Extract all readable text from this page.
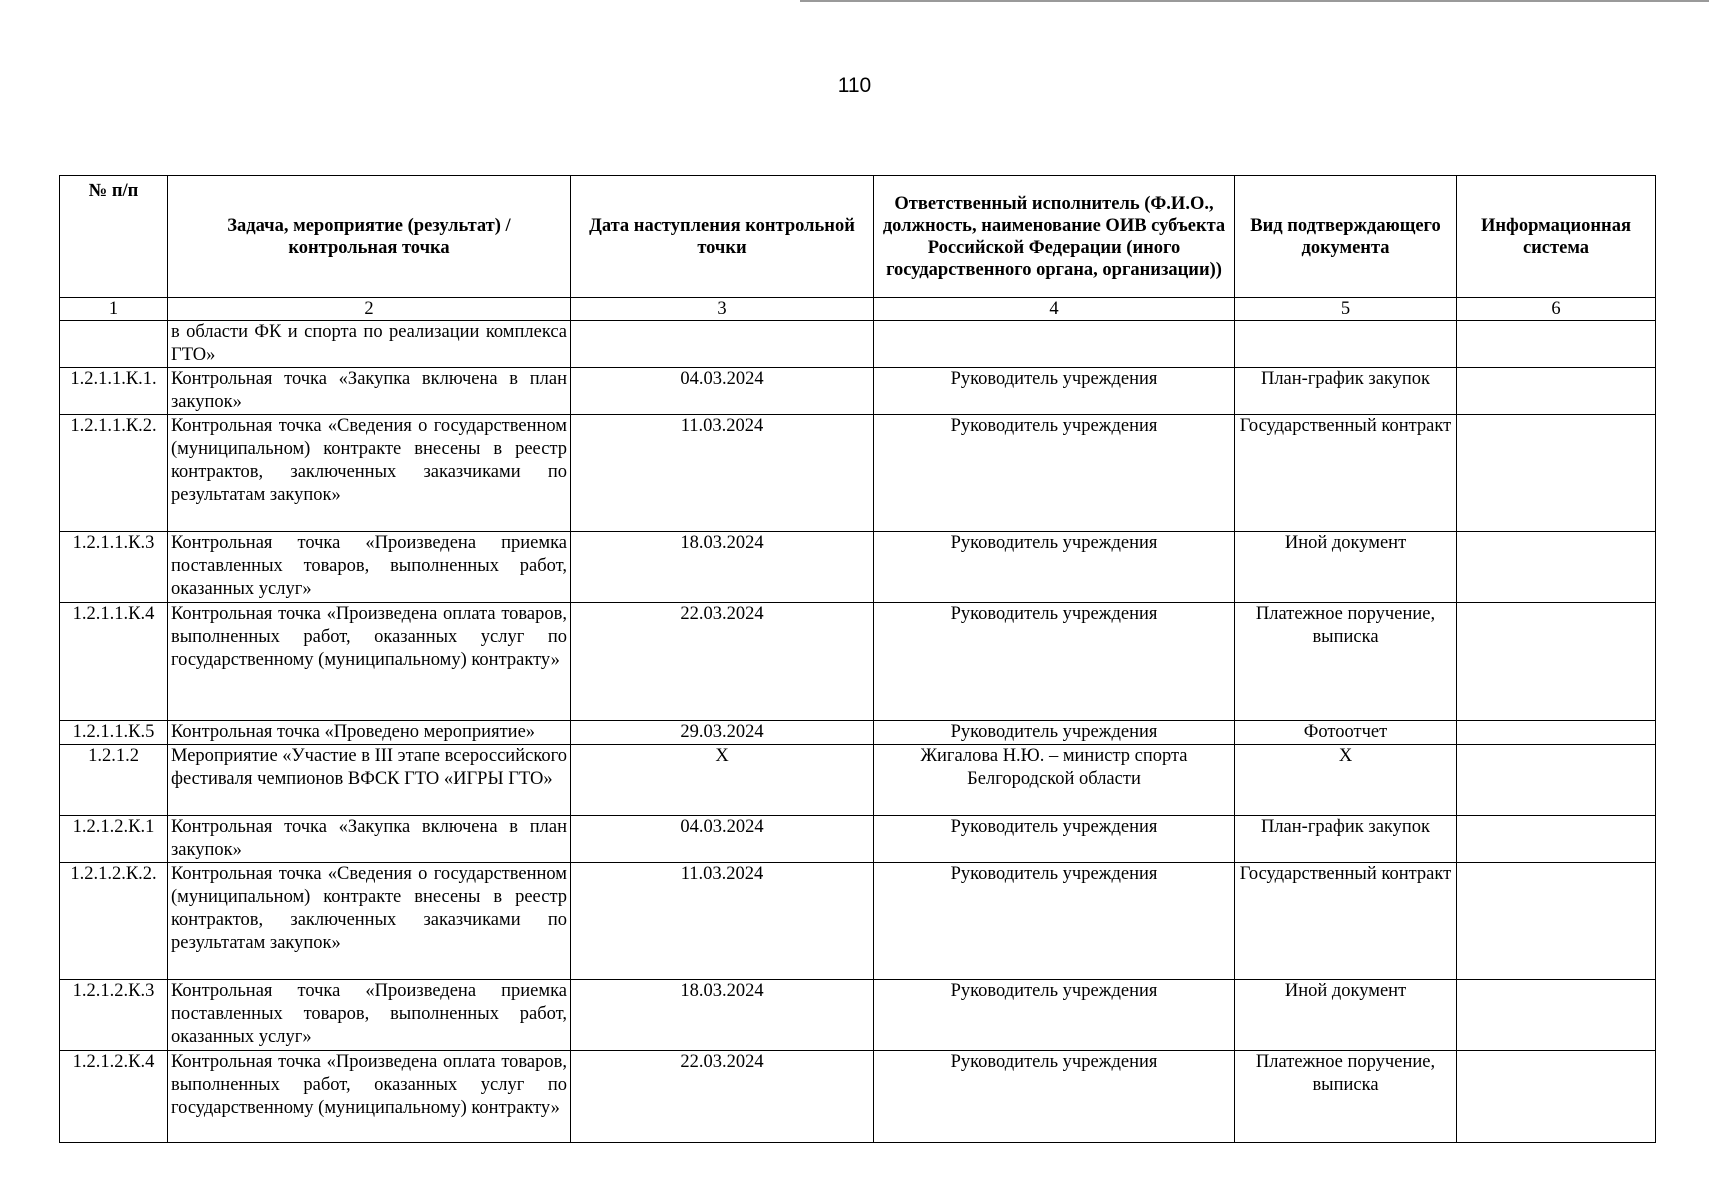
110
№ п/п	Задача, мероприятие (результат) / контрольная точка	Дата наступления контрольной точки	Ответственный исполнитель (Ф.И.О., должность, наименование ОИВ субъекта Российской Федерации (иного государственного органа, организации))	Вид подтверждающего документа	Информационная система
1	2	3	4	5	6
	в области ФК и спорта по реализации комплекса ГТО»				
1.2.1.1.К.1.	Контрольная точка «Закупка включена в план закупок»	04.03.2024	Руководитель учреждения	План-график закупок	
1.2.1.1.К.2.	Контрольная точка «Сведения о государственном (муниципальном) контракте внесены в реестр контрактов, заключенных заказчиками по результатам закупок»	11.03.2024	Руководитель учреждения	Государственный контракт	
1.2.1.1.К.3	Контрольная точка «Произведена приемка поставленных товаров, выполненных работ, оказанных услуг»	18.03.2024	Руководитель учреждения	Иной документ	
1.2.1.1.К.4	Контрольная точка «Произведена оплата товаров, выполненных работ, оказанных услуг по государственному (муниципальному) контракту»	22.03.2024	Руководитель учреждения	Платежное поручение, выписка	
1.2.1.1.К.5	Контрольная точка «Проведено мероприятие»	29.03.2024	Руководитель учреждения	Фотоотчет	
1.2.1.2	Мероприятие «Участие в III этапе всероссийского фестиваля чемпионов ВФСК ГТО «ИГРЫ ГТО»	Х	Жигалова Н.Ю. – министр спорта Белгородской области	Х	
1.2.1.2.К.1	Контрольная точка «Закупка включена в план закупок»	04.03.2024	Руководитель учреждения	План-график закупок	
1.2.1.2.К.2.	Контрольная точка «Сведения о государственном (муниципальном) контракте внесены в реестр контрактов, заключенных заказчиками по результатам закупок»	11.03.2024	Руководитель учреждения	Государственный контракт	
1.2.1.2.К.3	Контрольная точка «Произведена приемка поставленных товаров, выполненных работ, оказанных услуг»	18.03.2024	Руководитель учреждения	Иной документ	
1.2.1.2.К.4	Контрольная точка «Произведена оплата товаров, выполненных работ, оказанных услуг по государственному (муниципальному) контракту»	22.03.2024	Руководитель учреждения	Платежное поручение, выписка	
